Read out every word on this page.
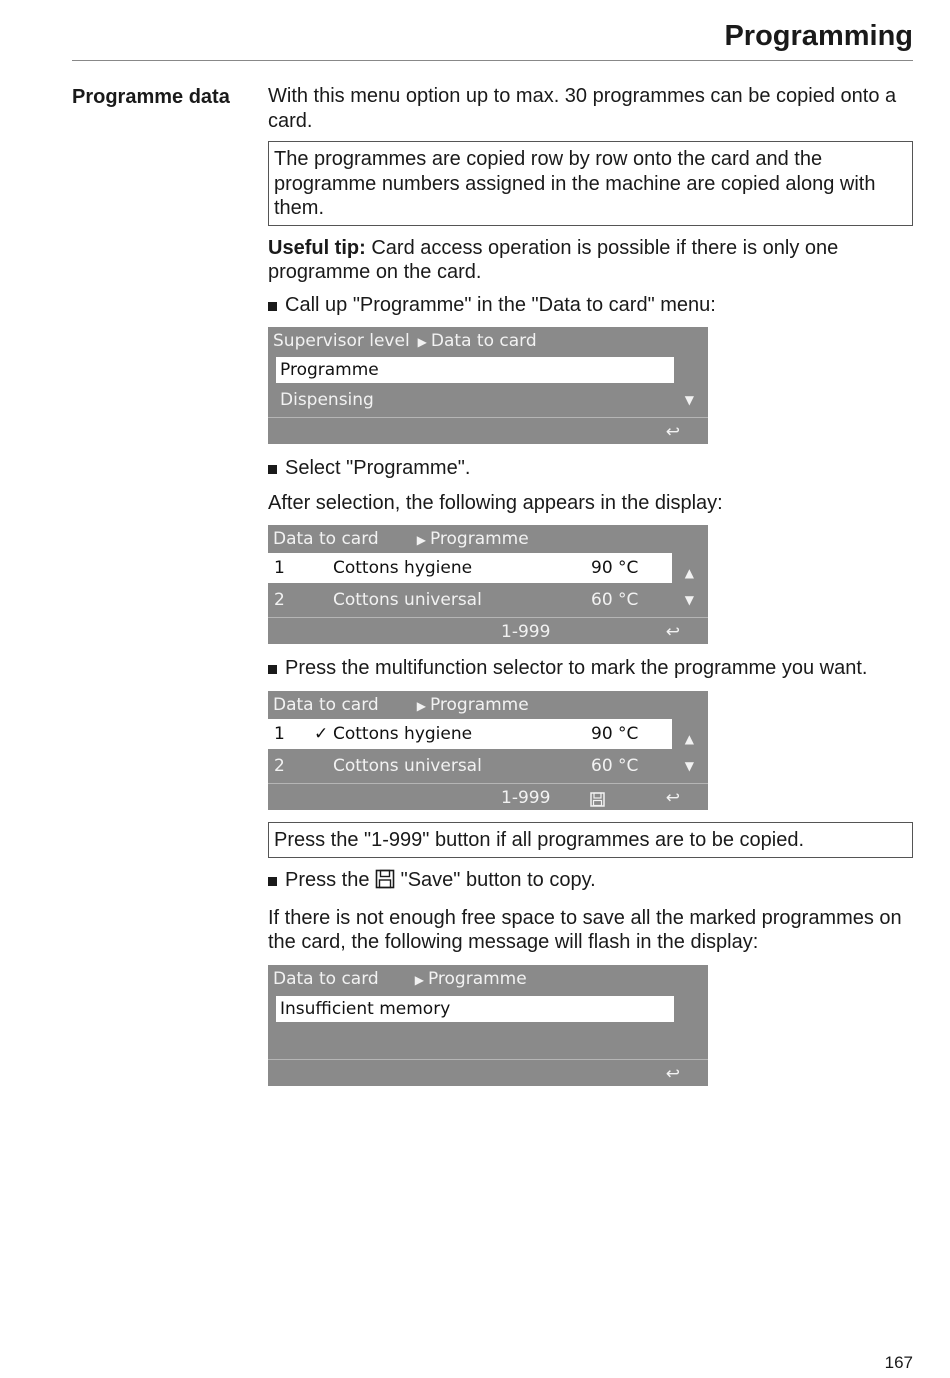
Programming
Programme data With this menu option up to max. 30 programmes can be copied onto a card.

The programmes are copied row by row onto the card and the programme numbers assigned in the machine are copied along with them.

Useful tip: Card access operation is possible if there is only one programme on the card.

Call up "Programme" in the "Data to card" menu:
Supervisor level ▶ Data to card
Programme
Dispensing	▼
↩
Select "Programme".

After selection, the following appears in the display:

Data to card	▶ Programme
1	Cottons hygiene	90 °C	▲
2	Cottons universal	60 °C	▼
1-999	↩
Press the multifunction selector to mark the programme you want.
Data to card	▶ Programme
1 ✓ Cottons hygiene	90 °C	▲
2	Cottons universal	60 °C	▼
1-999	↩
Press the "1-999" button if all programmes are to be copied.
Press the  "Save" button to copy.

If there is not enough free space to save all the marked programmes on the card, the following message will flash in the display:

Data to card	▶ Programme
Insufficient memory
↩
167
